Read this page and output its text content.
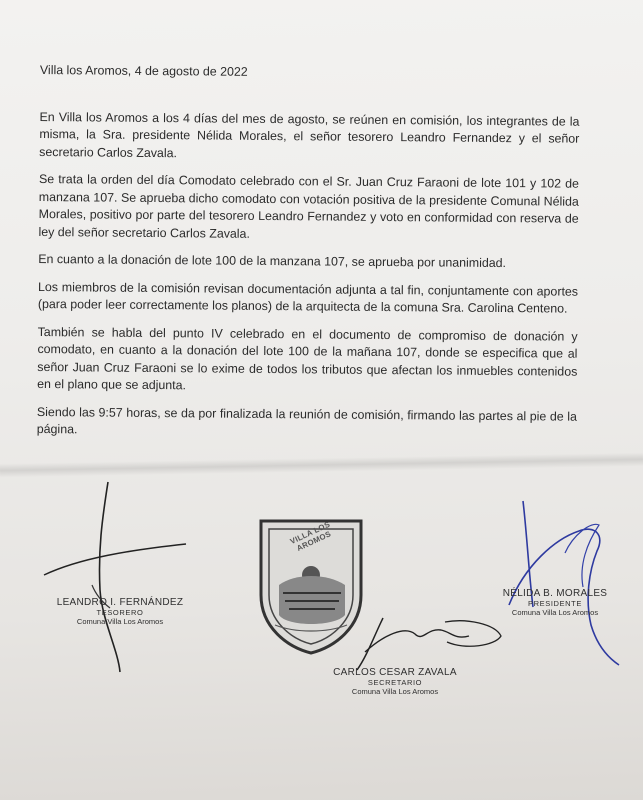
Villa los Aromos, 4 de agosto de 2022

En Villa los Aromos a los 4 días del mes de agosto, se reúnen en comisión, los integrantes de la misma, la Sra. presidente Nélida Morales, el señor tesorero Leandro Fernandez y el señor secretario Carlos Zavala.

Se trata la orden del día Comodato celebrado con el Sr. Juan Cruz Faraoni de lote 101 y 102 de manzana 107. Se aprueba dicho comodato con votación positiva de la presidente Comunal Nélida Morales, positivo por parte del tesorero Leandro Fernandez y voto en conformidad con reserva de ley del señor secretario Carlos Zavala.

En cuanto a la donación de lote 100 de la manzana 107, se aprueba por unanimidad.

Los miembros de la comisión revisan documentación adjunta a tal fin, conjuntamente con aportes (para poder leer correctamente los planos) de la arquitecta de la comuna Sra. Carolina Centeno.

También se habla del punto IV celebrado en el documento de compromiso de donación y comodato, en cuanto a la donación del lote 100 de la mañana 107, donde se especifica que al señor Juan Cruz Faraoni se lo exime de todos los tributos que afectan los inmuebles contenidos en el plano que se adjunta.

Siendo las 9:57 horas, se da por finalizada la reunión de comisión, firmando las partes al pie de la página.

LEANDRO I. FERNÁNDEZ
TESORERO
Comuna Villa Los Aromos
VILLA LOS AROMOS
CARLOS CESAR ZAVALA
SECRETARIO
Comuna Villa Los Aromos
NÉLIDA B. MORALES
PRESIDENTE
Comuna Villa Los Aromos
